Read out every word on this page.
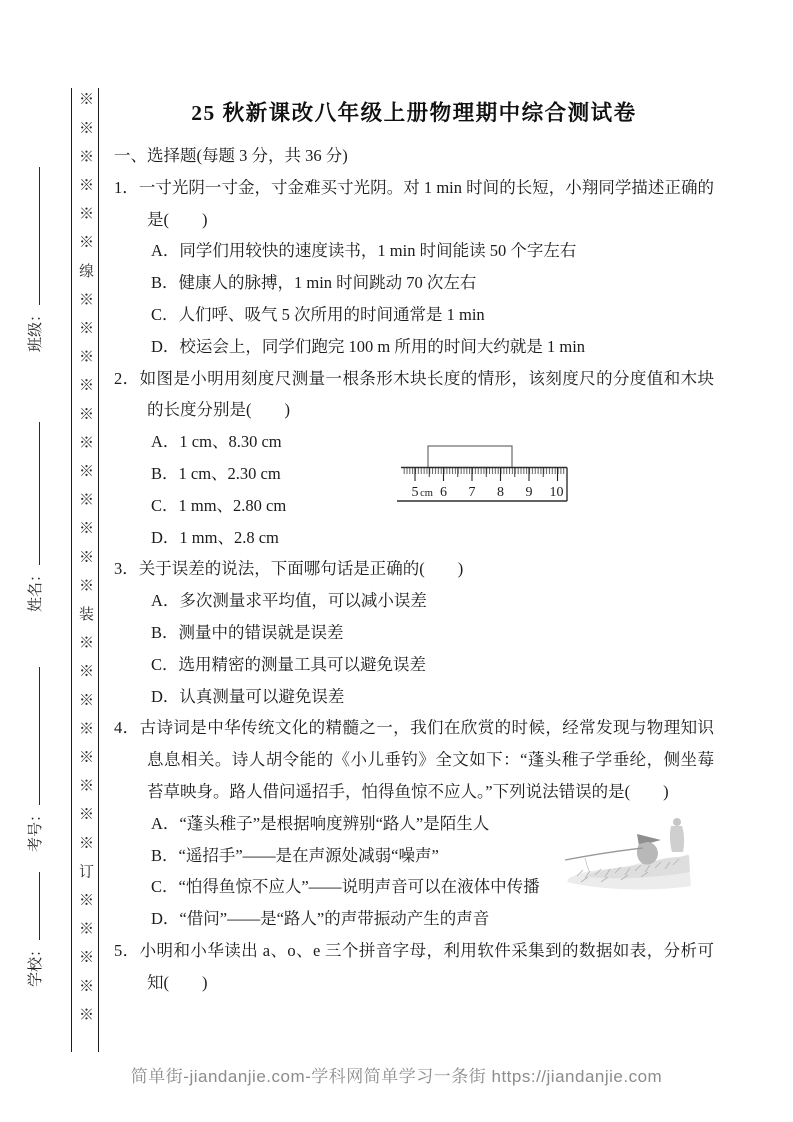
班级：
姓名：
考号：
学校：	※※※※※※缐※※※※※※※※※※※装※※※※※※※※订※※※※※	25 秋新课改八年级上册物理期中综合测试卷
一、选择题(每题 3 分，共 36 分)

1．一寸光阴一寸金，寸金难买寸光阴。对 1 min 时间的长短，小翔同学描述正确的是(　　)

A．同学们用较快的速度读书，1 min 时间能读 50 个字左右
B．健康人的脉搏，1 min 时间跳动 70 次左右
C．人们呼、吸气 5 次所用的时间通常是 1 min
D．校运会上，同学们跑完 100 m 所用的时间大约就是 1 min

2．如图是小明用刻度尺测量一根条形木块长度的情形，该刻度尺的分度值和木块的长度分别是(　　)

A．1 cm、8.30 cm
B．1 cm、2.30 cm
C．1 mm、2.80 cm
D．1 mm、2.8 cm
5 cm 6 7 8 9 10

3．关于误差的说法，下面哪句话是正确的(　　)

A．多次测量求平均值，可以减小误差
B．测量中的错误就是误差
C．选用精密的测量工具可以避免误差
D．认真测量可以避免误差

4．古诗词是中华传统文化的精髓之一，我们在欣赏的时候，经常发现与物理知识息息相关。诗人胡令能的《小儿垂钓》全文如下：“蓬头稚子学垂纶，侧坐莓苔草映身。路人借问遥招手，怕得鱼惊不应人。”下列说法错误的是(　　)

A．“蓬头稚子”是根据响度辨别“路人”是陌生人
B．“遥招手”——是在声源处减弱“噪声”
C．“怕得鱼惊不应人”——说明声音可以在液体中传播
D．“借问”——是“路人”的声带振动产生的声音

5．小明和小华读出 a、o、e 三个拼音字母，利用软件采集到的数据如表，分析可知(　　)

简单街-jiandanjie.com-学科网简单学习一条街 https://jiandanjie.com
